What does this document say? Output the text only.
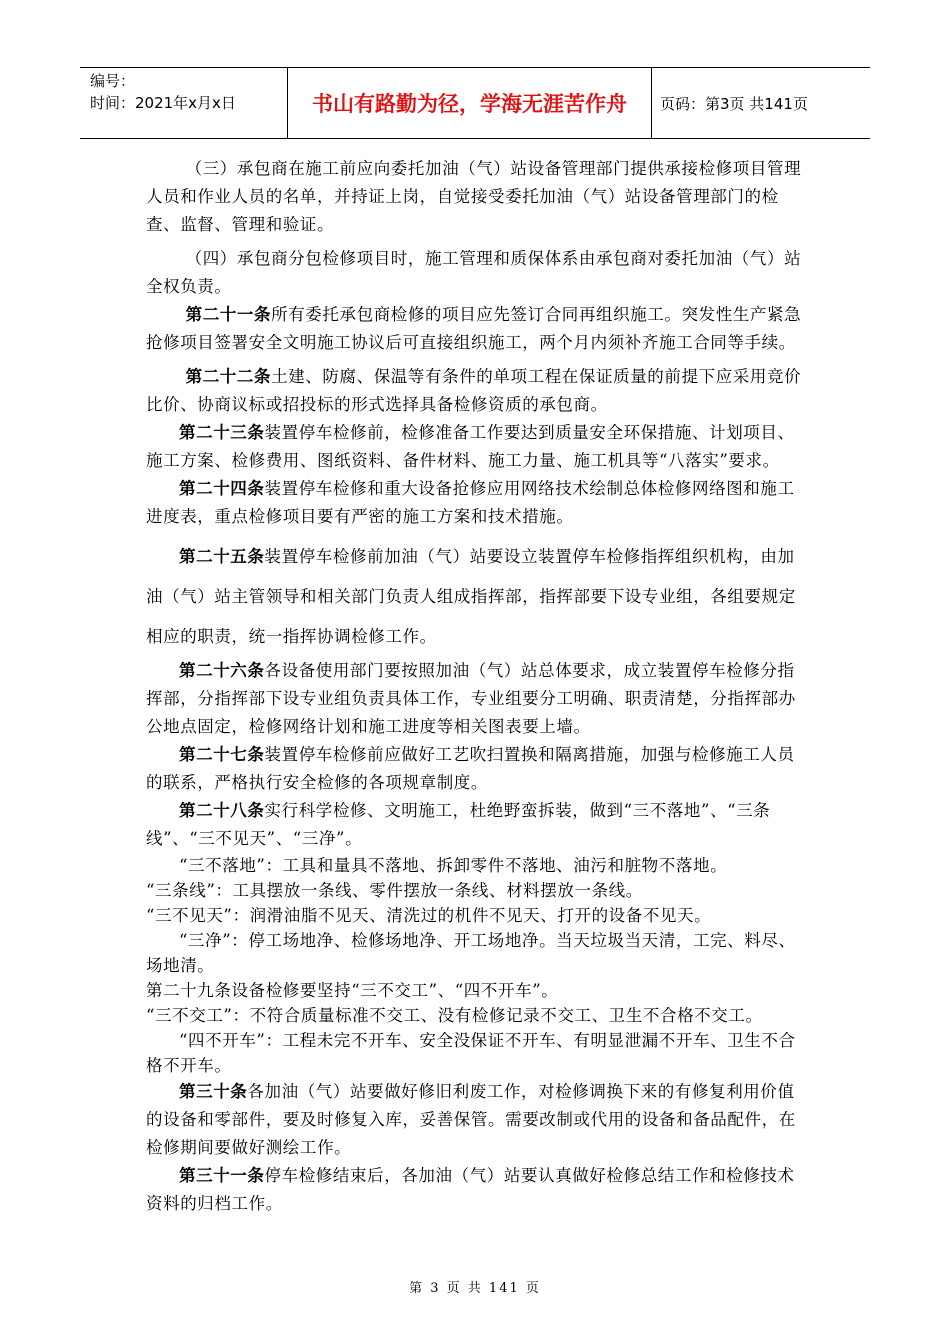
编号：
时间：2021年x月x日	书山有路勤为径，学海无涯苦作舟	页码：第3页 共141页

（三）承包商在施工前应向委托加油（气）站设备管理部门提供承接检修项目管理人员和作业人员的名单，并持证上岗，自觉接受委托加油（气）站设备管理部门的检查、监督、管理和验证。

（四）承包商分包检修项目时，施工管理和质保体系由承包商对委托加油（气）站全权负责。

第二十一条所有委托承包商检修的项目应先签订合同再组织施工。突发性生产紧急抢修项目签署安全文明施工协议后可直接组织施工，两个月内须补齐施工合同等手续。

第二十二条土建、防腐、保温等有条件的单项工程在保证质量的前提下应采用竞价比价、协商议标或招投标的形式选择具备检修资质的承包商。

第二十三条装置停车检修前，检修准备工作要达到质量安全环保措施、计划项目、施工方案、检修费用、图纸资料、备件材料、施工力量、施工机具等“八落实”要求。

第二十四条装置停车检修和重大设备抢修应用网络技术绘制总体检修网络图和施工进度表，重点检修项目要有严密的施工方案和技术措施。

第二十五条装置停车检修前加油（气）站要设立装置停车检修指挥组织机构，由加油（气）站主管领导和相关部门负责人组成指挥部，指挥部要下设专业组，各组要规定相应的职责，统一指挥协调检修工作。

第二十六条各设备使用部门要按照加油（气）站总体要求，成立装置停车检修分指挥部，分指挥部下设专业组负责具体工作，专业组要分工明确、职责清楚，分指挥部办公地点固定，检修网络计划和施工进度等相关图表要上墙。

第二十七条装置停车检修前应做好工艺吹扫置换和隔离措施，加强与检修施工人员的联系，严格执行安全检修的各项规章制度。

第二十八条实行科学检修、文明施工，杜绝野蛮拆装，做到“三不落地”、“三条线”、“三不见天”、“三净”。

“三不落地”：工具和量具不落地、拆卸零件不落地、油污和脏物不落地。

“三条线”：工具摆放一条线、零件摆放一条线、材料摆放一条线。

“三不见天”：润滑油脂不见天、清洗过的机件不见天、打开的设备不见天。

“三净”：停工场地净、检修场地净、开工场地净。当天垃圾当天清，工完、料尽、场地清。

第二十九条设备检修要坚持“三不交工”、“四不开车”。

“三不交工”：不符合质量标准不交工、没有检修记录不交工、卫生不合格不交工。

“四不开车”：工程未完不开车、安全没保证不开车、有明显泄漏不开车、卫生不合格不开车。

第三十条各加油（气）站要做好修旧利废工作，对检修调换下来的有修复利用价值的设备和零部件，要及时修复入库，妥善保管。需要改制或代用的设备和备品配件，在检修期间要做好测绘工作。

第三十一条停车检修结束后，各加油（气）站要认真做好检修总结工作和检修技术资料的归档工作。

第 3 页 共 141 页
